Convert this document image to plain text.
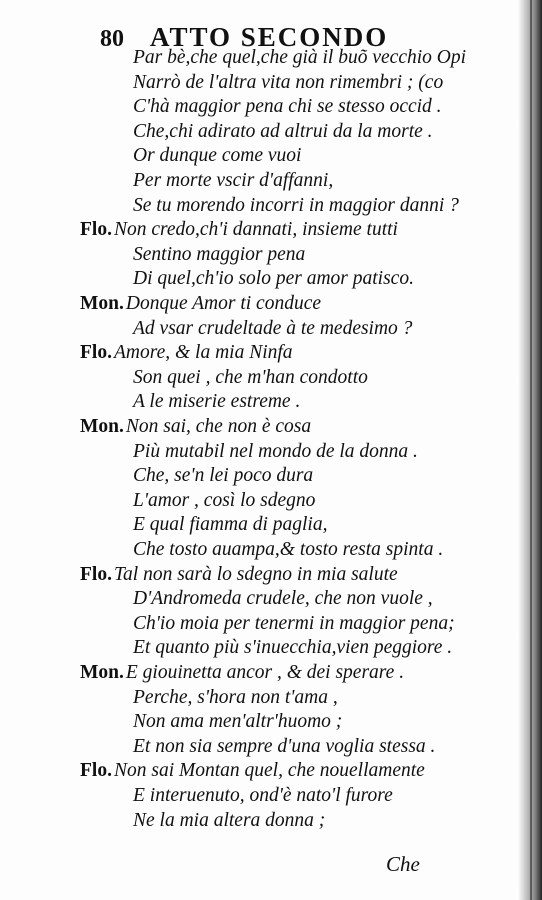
80 ATTO SECONDO
Par bè,che quel,che già il buõ vecchio Opi
Narrò de l'altra vita non rimembri ; (co
C'hà maggior pena chi se stesso occid .
Che,chi adirato ad altrui da la morte .
Or dunque come vuoi
Per morte vscir d'affanni,
Se tu morendo incorri in maggior danni ?
Flo. Non credo,ch'i dannati, insieme tutti
Sentino maggior pena
Di quel,ch'io solo per amor patisco.
Mon. Donque Amor ti conduce
Ad vsar crudeltade à te medesimo ?
Flo. Amore, & la mia Ninfa
Son quei , che m'han condotto
A le miserie estreme .
Mon. Non sai, che non è cosa
Più mutabil nel mondo de la donna .
Che, se'n lei poco dura
L'amor , così lo sdegno
E qual fiamma di paglia,
Che tosto auampa,& tosto resta spinta .
Flo. Tal non sarà lo sdegno in mia salute
D'Andromeda crudele, che non vuole ,
Ch'io moia per tenermi in maggior pena;
Et quanto più s'inuecchia,vien peggiore .
Mon. E giouinetta ancor , & dei sperare .
Perche, s'hora non t'ama ,
Non ama men'altr'huomo ;
Et non sia sempre d'una voglia stessa .
Flo. Non sai Montan quel, che nouellamente
E interuenuto, ond'è nato'l furore
Ne la mia altera donna ;
Che
